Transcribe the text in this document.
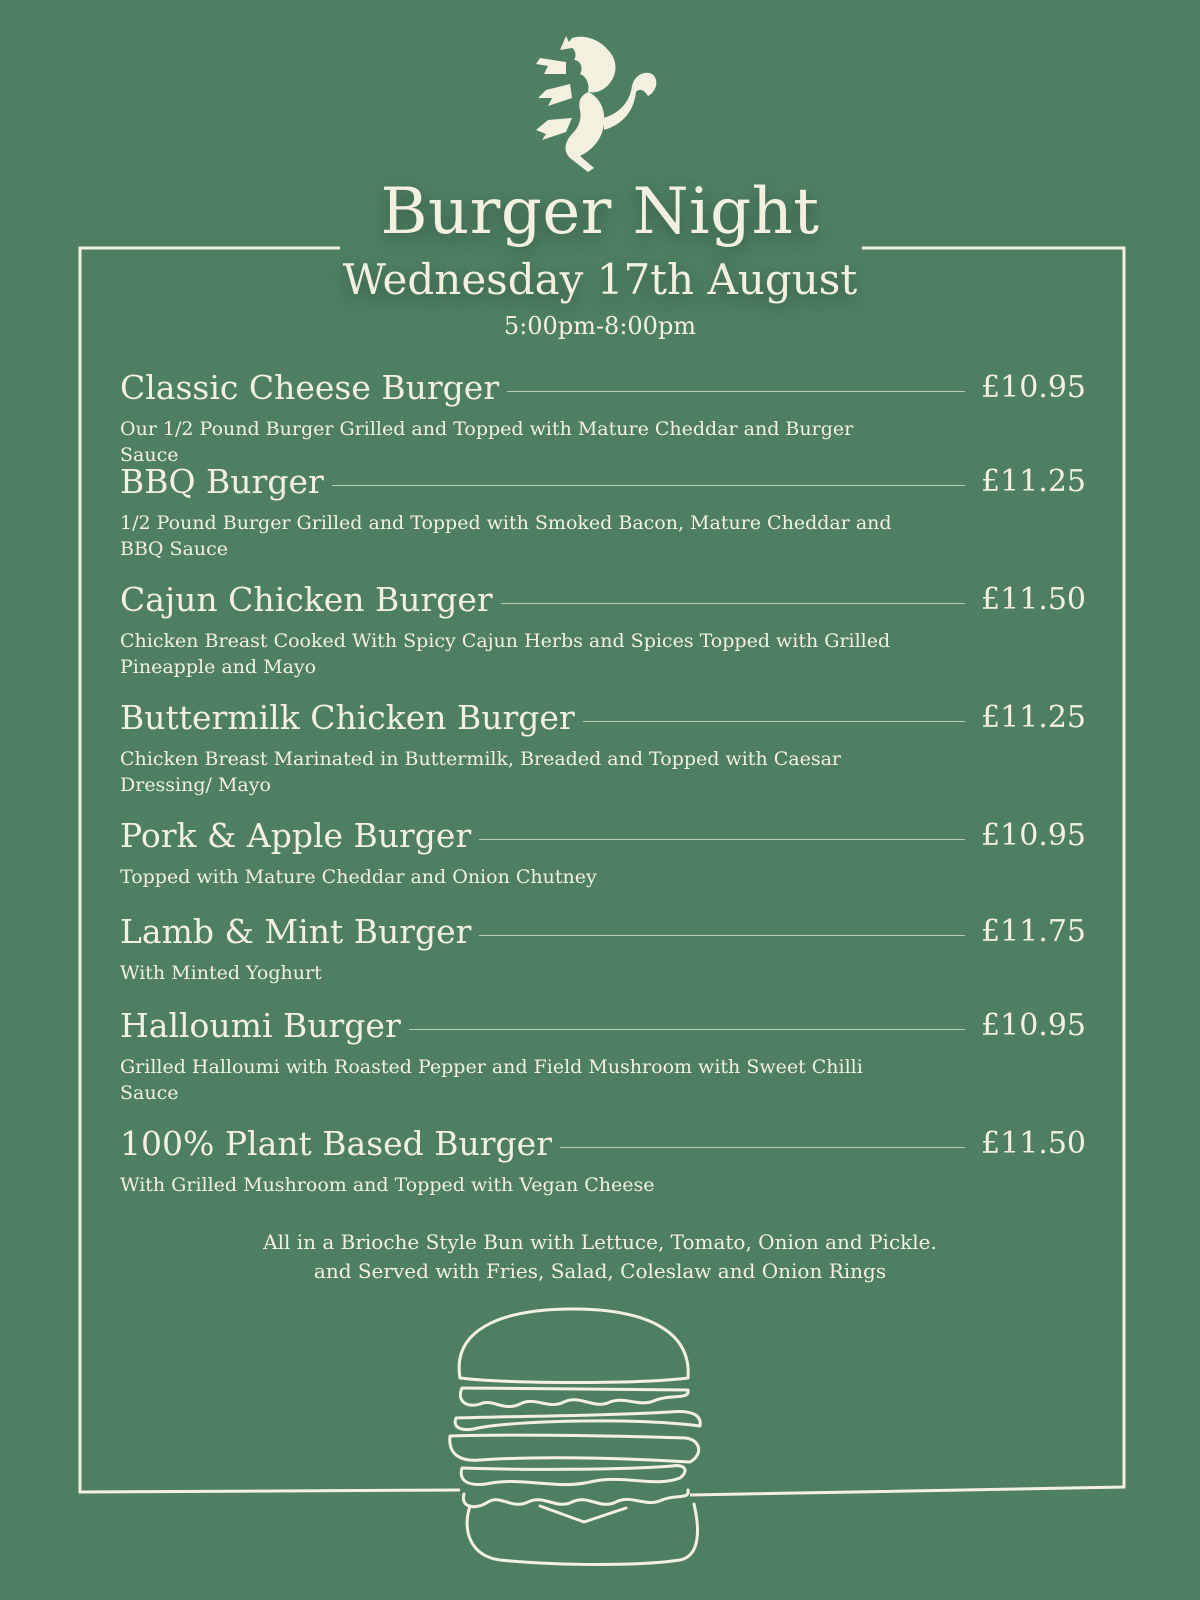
Burger Night
Wednesday 17th August
5:00pm-8:00pm
Classic Cheese Burger	£10.95
Our 1/2 Pound Burger Grilled and Topped with Mature Cheddar and Burger Sauce
BBQ Burger	£11.25
1/2 Pound Burger Grilled and Topped with Smoked Bacon, Mature Cheddar and BBQ Sauce
Cajun Chicken Burger	£11.50
Chicken Breast Cooked With Spicy Cajun Herbs and Spices Topped with Grilled Pineapple and Mayo
Buttermilk Chicken Burger	£11.25
Chicken Breast Marinated in Buttermilk, Breaded and Topped with Caesar Dressing/ Mayo
Pork & Apple Burger	£10.95
Topped with Mature Cheddar and Onion Chutney
Lamb & Mint Burger	£11.75
With Minted Yoghurt
Halloumi Burger	£10.95
Grilled Halloumi with Roasted Pepper and Field Mushroom with Sweet Chilli Sauce
100% Plant Based Burger	£11.50
With Grilled Mushroom and Topped with Vegan Cheese
All in a Brioche Style Bun with Lettuce, Tomato, Onion and Pickle.
and Served with Fries, Salad, Coleslaw and Onion Rings
